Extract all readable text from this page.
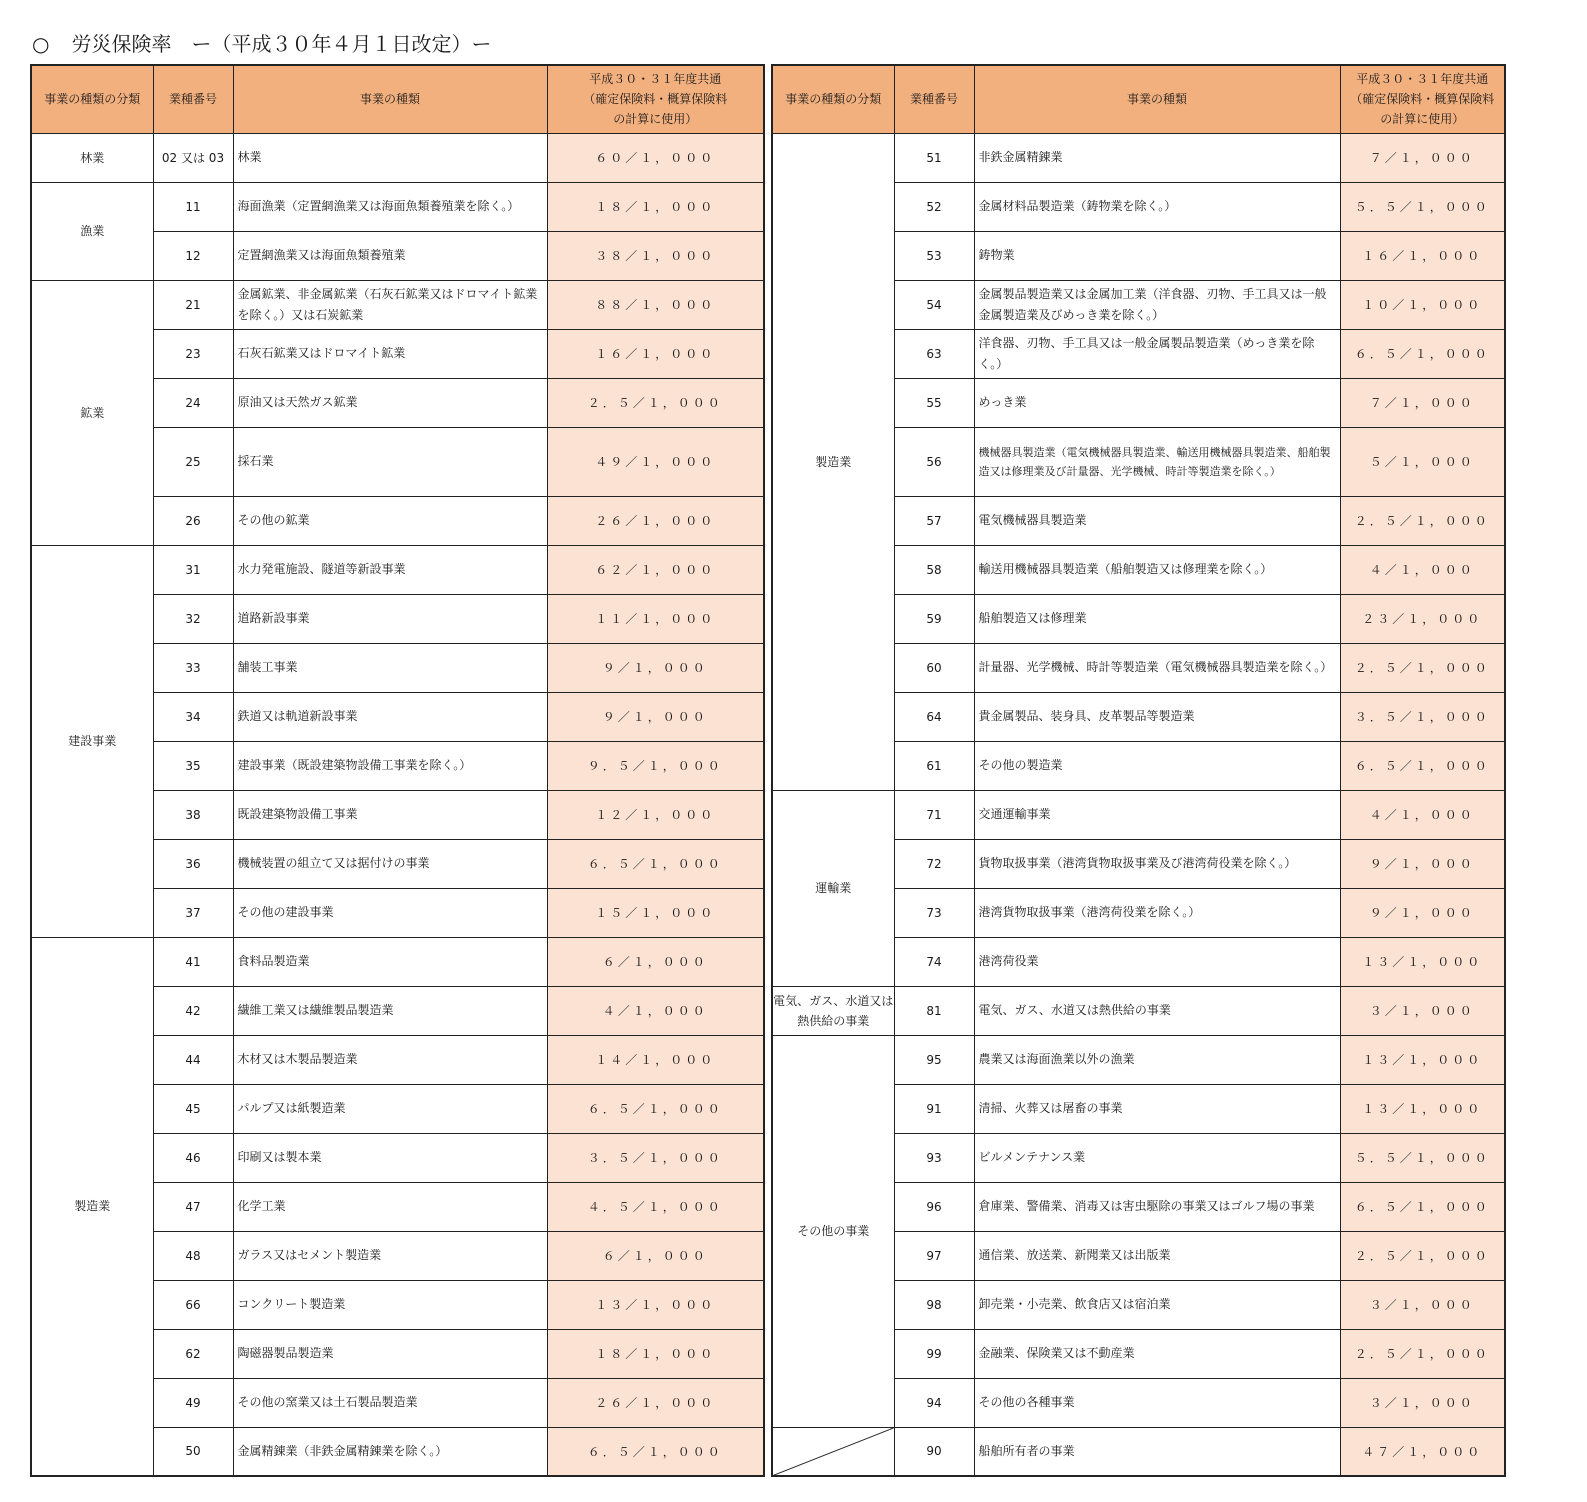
○ 労災保険率　ー（平成３０年４月１日改定）ー
事業の種類の分類	業種番号	事業の種類	平成３０・３１年度共通
（確定保険料・概算保険料
の計算に使用）

林業	02 又は 03	林業	６０／１，０００
漁業	11	海面漁業（定置網漁業又は海面魚類養殖業を除く。）	１８／１，０００
	12	定置網漁業又は海面魚類養殖業	３８／１，０００
鉱業	21	金属鉱業、非金属鉱業（石灰石鉱業又はドロマイト鉱業を除く。）又は石炭鉱業	８８／１，０００
	23	石灰石鉱業又はドロマイト鉱業	１６／１，０００
	24	原油又は天然ガス鉱業	２．５／１，０００
	25	採石業	４９／１，０００
	26	その他の鉱業	２６／１，０００
建設事業	31	水力発電施設、隧道等新設事業	６２／１，０００
	32	道路新設事業	１１／１，０００
	33	舗装工事業	９／１，０００
	34	鉄道又は軌道新設事業	９／１，０００
	35	建設事業（既設建築物設備工事業を除く。）	９．５／１，０００
	38	既設建築物設備工事業	１２／１，０００
	36	機械装置の組立て又は据付けの事業	６．５／１，０００
	37	その他の建設事業	１５／１，０００
製造業	41	食料品製造業	６／１，０００
	42	繊維工業又は繊維製品製造業	４／１，０００
	44	木材又は木製品製造業	１４／１，０００
	45	パルプ又は紙製造業	６．５／１，０００
	46	印刷又は製本業	３．５／１，０００
	47	化学工業	４．５／１，０００
	48	ガラス又はセメント製造業	６／１，０００
	66	コンクリート製造業	１３／１，０００
	62	陶磁器製品製造業	１８／１，０００
	49	その他の窯業又は土石製品製造業	２６／１，０００
	50	金属精錬業（非鉄金属精錬業を除く。）	６．５／１，０００
事業の種類の分類	業種番号	事業の種類	平成３０・３１年度共通
（確定保険料・概算保険料
の計算に使用）

製造業	51	非鉄金属精錬業	７／１，０００
	52	金属材料品製造業（鋳物業を除く。）	５．５／１，０００
	53	鋳物業	１６／１，０００
	54	金属製品製造業又は金属加工業（洋食器、刃物、手工具又は一般金属製造業及びめっき業を除く。）	１０／１，０００
	63	洋食器、刃物、手工具又は一般金属製品製造業（めっき業を除く。）	６．５／１，０００
	55	めっき業	７／１，０００
	56	機械器具製造業（電気機械器具製造業、輸送用機械器具製造業、船舶製造又は修理業及び計量器、光学機械、時計等製造業を除く。）	５／１，０００
	57	電気機械器具製造業	２．５／１，０００
	58	輸送用機械器具製造業（船舶製造又は修理業を除く。）	４／１，０００
	59	船舶製造又は修理業	２３／１，０００
	60	計量器、光学機械、時計等製造業（電気機械器具製造業を除く。）	２．５／１，０００
	64	貴金属製品、装身具、皮革製品等製造業	３．５／１，０００
	61	その他の製造業	６．５／１，０００
運輸業	71	交通運輸事業	４／１，０００
	72	貨物取扱事業（港湾貨物取扱事業及び港湾荷役業を除く。）	９／１，０００
	73	港湾貨物取扱事業（港湾荷役業を除く。）	９／１，０００
	74	港湾荷役業	１３／１，０００
電気、ガス、水道又は熱供給の事業	81	電気、ガス、水道又は熱供給の事業	３／１，０００
その他の事業	95	農業又は海面漁業以外の漁業	１３／１，０００
	91	清掃、火葬又は屠畜の事業	１３／１，０００
	93	ビルメンテナンス業	５．５／１，０００
	96	倉庫業、警備業、消毒又は害虫駆除の事業又はゴルフ場の事業	６．５／１，０００
	97	通信業、放送業、新聞業又は出版業	２．５／１，０００
	98	卸売業・小売業、飲食店又は宿泊業	３／１，０００
	99	金融業、保険業又は不動産業	２．５／１，０００
	94	その他の各種事業	３／１，０００

	90	船舶所有者の事業	４７／１，０００
